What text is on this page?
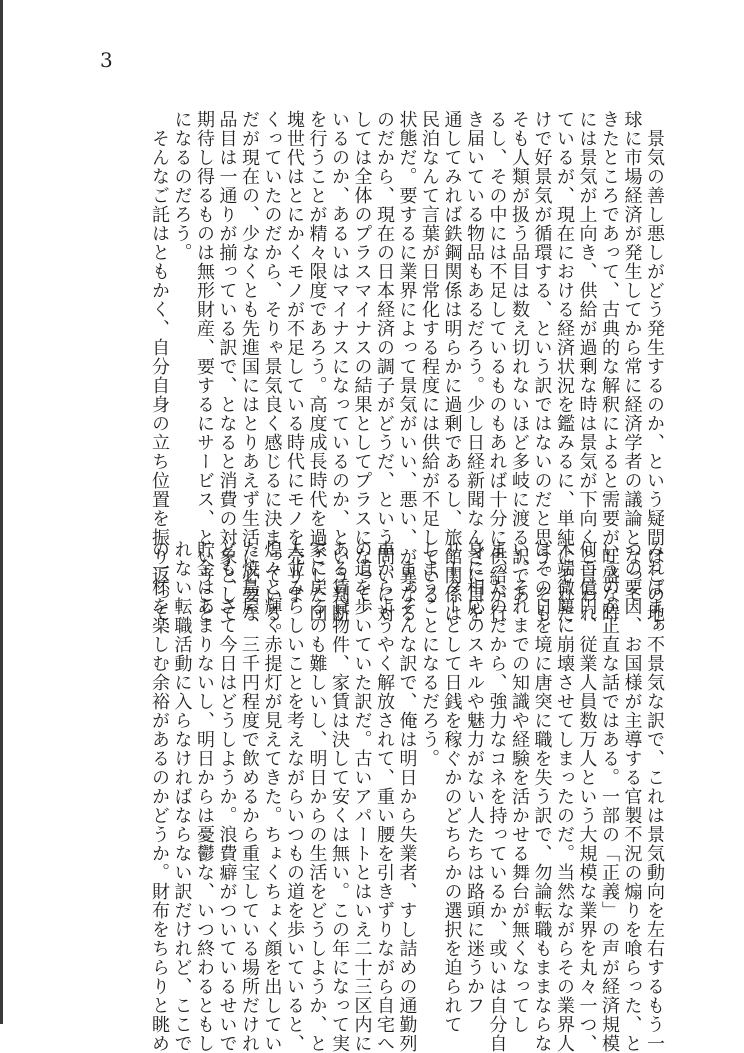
3
　景気の善し悪しがどう発生するのか、という疑問はこの地
球に市場経済が発生してから常に経済学者の議論となって
きたところであって、古典的な解釈によると需要が旺盛な時
には景気が上向き、供給が過剰な時は景気が下向くと言われ
ているが、現在における経済状況を鑑みるに、単純にそれだ
けで好景気が循環する、という訳ではないのだと思う。そも
そも人類が扱う品目は数え切れないほど多岐に渡る訳であ
るし、その中には不足しているものもあれば十分に供給が行
き届いている物品もあるだろう。少し日経新聞なんざに目を
通してみれば鉄鋼関係は明らかに過剰であるし、旅館関係は
民泊なんて言葉が日常化する程度には供給が不足している
状態だ。要するに業界によって景気がいい、悪い、が異なる
のだから、現在の日本経済の調子がどうだ、という問いに対
しては全体のプラスマイナスの結果としてプラスになって
いるのか、あるいはマイナスになっているのか、という判断
を行うことが精々限度であろう。高度成長時代を過ごした団
塊世代はとにかくモノが不足している時代にモノを売りま
くっていたのだから、そりゃ景気良く感じるに決まっている。
だが現在の、少なくとも先進国にはとりあえず生活に必要な
品目は一通りが揃っている訳で、となると消費の対象として
期待し得るものは無形財産、要するにサービス、ということ
になるのだろう。
　そんなご託はともかく、自分自身の立ち位置を振り返って
みればまぁ不景気な訳で、これは景気動向を左右するもう一
つの要因、お国様が主導する官製不況の煽りを喰らった、と
いうのが正直な話ではある。一部の「正義」の声が経済規模
何百億円、従業人員数万人という大規模な業界を丸々一つ、
木端微塵に崩壊させてしまったのだ。当然ながらその業界人
はその日を境に唐突に職を失う訳で、勿論転職もままならな
い。それまでの知識や経験を活かせる舞台が無くなってし
まったのだから、強力なコネを持っているか、或いは自分自
身に相応のスキルや魅力がない人たちは路頭に迷うかフ
リーターとして日銭を稼ぐかのどちらかの選択を迫られて
しまうことになるだろう。
　まぁそんな訳で、俺は明日から失業者、すし詰めの通勤列
車からようやく解放されて、重い腰を引きずりながら自宅へ
の道を歩いていた訳だ。古いアパートとはいえ二十三区内に
ある賃貸物件、家賃は決して安くは無い。この年になって実
家に戻るのも難しいし、明日からの生活をどうしようか、と
人並みらしいことを考えながらいつもの道を歩いていると、
煌々と輝く赤提灯が見えてきた。ちょくちょく顔を出してい
た焼鳥屋、三千円程度で飲めるから重宝している場所だけれ
ども、さて今日はどうしようか。浪費癖がついているせいで
貯金はあまりないし、明日からは憂鬱な、いつ終わるともし
れない転職活動に入らなければならない訳だけれど、ここで
の一杯を楽しむ余裕があるのかどうか。財布をちらりと眺め
